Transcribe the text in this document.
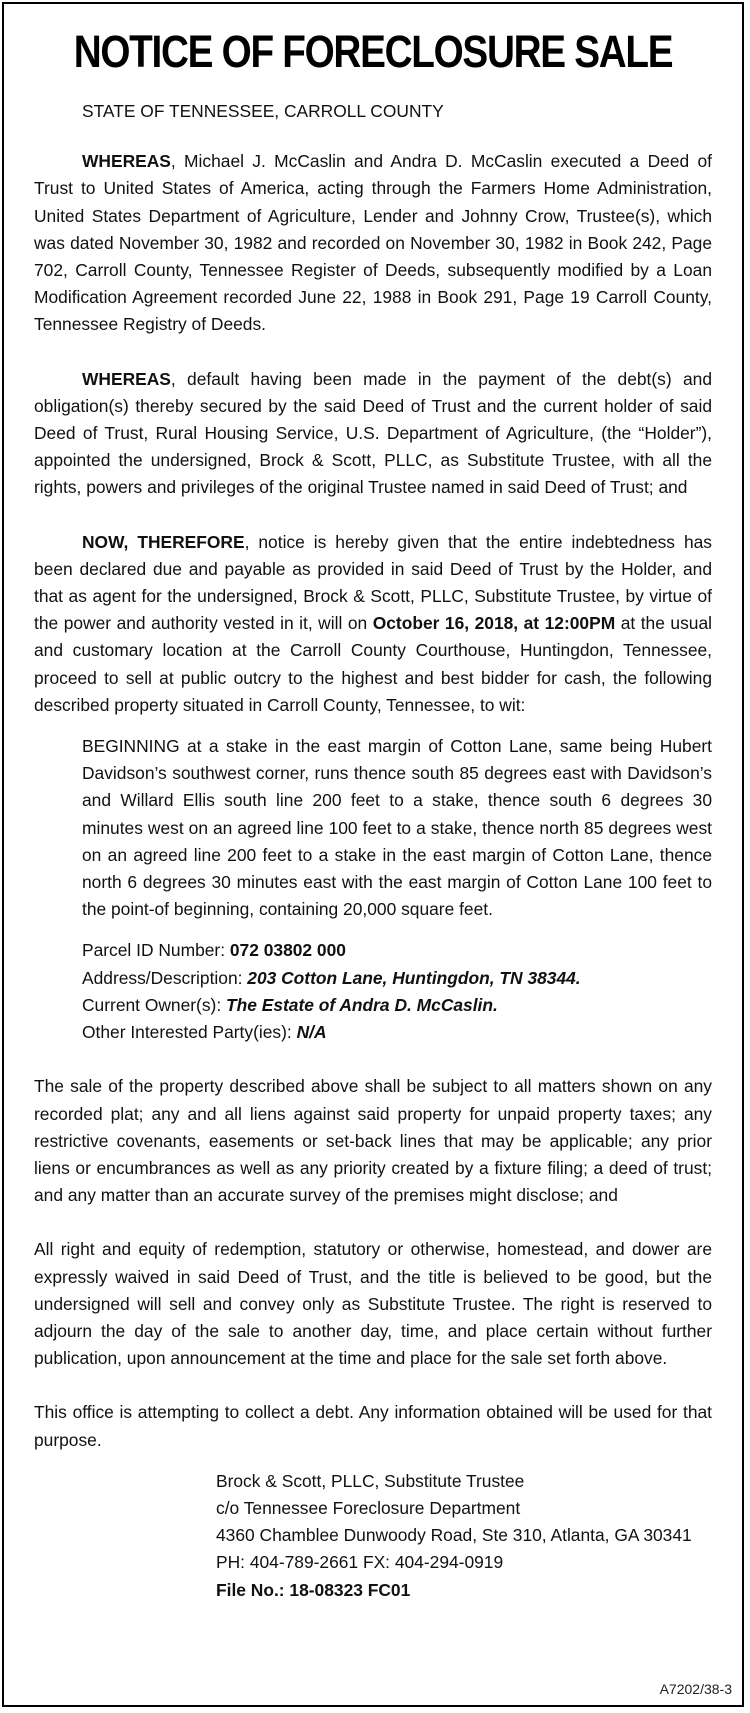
NOTICE OF FORECLOSURE SALE

STATE OF TENNESSEE, CARROLL COUNTY

WHEREAS, Michael J. McCaslin and Andra D. McCaslin executed a Deed of Trust to United States of America, acting through the Farmers Home Administration, United States Department of Agriculture, Lender and Johnny Crow, Trustee(s), which was dated November 30, 1982 and recorded on November 30, 1982 in Book 242, Page 702, Carroll County, Tennessee Register of Deeds, subsequently modified by a Loan Modification Agreement recorded June 22, 1988 in Book 291, Page 19 Carroll County, Tennessee Registry of Deeds.

WHEREAS, default having been made in the payment of the debt(s) and obligation(s) thereby secured by the said Deed of Trust and the current holder of said Deed of Trust, Rural Housing Service, U.S. Department of Agriculture, (the “Holder”), appointed the undersigned, Brock & Scott, PLLC, as Substitute Trustee, with all the rights, powers and privileges of the original Trustee named in said Deed of Trust; and

NOW, THEREFORE, notice is hereby given that the entire indebtedness has been declared due and payable as provided in said Deed of Trust by the Holder, and that as agent for the undersigned, Brock & Scott, PLLC, Substitute Trustee, by virtue of the power and authority vested in it, will on October 16, 2018, at 12:00PM at the usual and customary location at the Carroll County Courthouse, Huntingdon, Tennessee, proceed to sell at public outcry to the highest and best bidder for cash, the following described property situated in Carroll County, Tennessee, to wit:

BEGINNING at a stake in the east margin of Cotton Lane, same being Hubert Davidson’s southwest corner, runs thence south 85 degrees east with Davidson’s and Willard Ellis south line 200 feet to a stake, thence south 6 degrees 30 minutes west on an agreed line 100 feet to a stake, thence north 85 degrees west on an agreed line 200 feet to a stake in the east margin of Cotton Lane, thence north 6 degrees 30 minutes east with the east margin of Cotton Lane 100 feet to the point-of beginning, containing 20,000 square feet.

Parcel ID Number: 072 03802 000
Address/Description: 203 Cotton Lane, Huntingdon, TN 38344.
Current Owner(s): The Estate of Andra D. McCaslin.
Other Interested Party(ies): N/A

The sale of the property described above shall be subject to all matters shown on any recorded plat; any and all liens against said property for unpaid property taxes; any restrictive covenants, easements or set-back lines that may be applicable; any prior liens or encumbrances as well as any priority created by a fixture filing; a deed of trust; and any matter than an accurate survey of the premises might disclose; and

All right and equity of redemption, statutory or otherwise, homestead, and dower are expressly waived in said Deed of Trust, and the title is believed to be good, but the undersigned will sell and convey only as Substitute Trustee. The right is reserved to adjourn the day of the sale to another day, time, and place certain without further publication, upon announcement at the time and place for the sale set forth above.

This office is attempting to collect a debt. Any information obtained will be used for that purpose.

Brock & Scott, PLLC, Substitute Trustee
c/o Tennessee Foreclosure Department
4360 Chamblee Dunwoody Road, Ste 310, Atlanta, GA 30341
PH: 404-789-2661 FX: 404-294-0919
File No.: 18-08323 FC01
A7202/38-3
